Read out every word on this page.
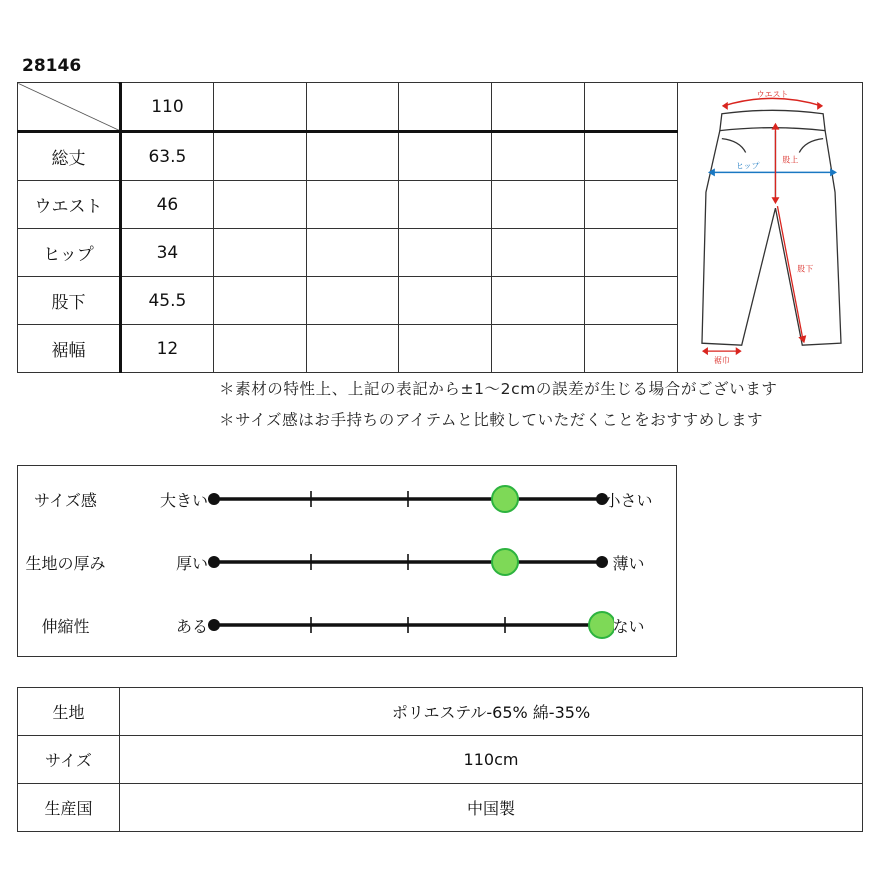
28146
	110					
総丈	63.5					
ウエスト	46					
ヒップ	34					
股下	45.5					
裾幅	12					
ウエスト
ヒップ
股上
股下
裾巾
＊素材の特性上、上記の表記から±1〜2cmの誤差が生じる場合がございます
＊サイズ感はお手持ちのアイテムと比較していただくことをおすすめします
サイズ感	大きい	小さい
生地の厚み	厚い	薄い
伸縮性	ある	ない
生地	ポリエステル-65% 綿-35%
サイズ	110cm
生産国	中国製
